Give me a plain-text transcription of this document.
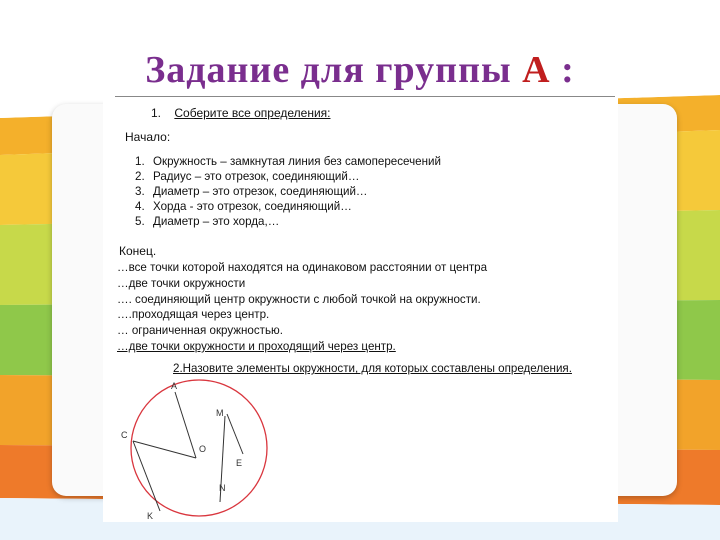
Задание для группы А :
1. Соберите все определения:
Начало:
1. Окружность – замкнутая линия без самопересечений
2. Радиус – это отрезок, соединяющий…
3. Диаметр – это отрезок, соединяющий…
4. Хорда - это отрезок, соединяющий…
5. Диаметр – это хорда,…
Конец.
…все точки которой находятся на одинаковом расстоянии от центра
…две точки окружности
…. соединяющий центр окружности с любой точкой на окружности.
….проходящая через центр.
… ограниченная окружностью.
…две точки окружности и проходящий через центр.
2.Назовите элементы окружности, для которых составлены определения.
A
C
O
M
E
N
K
